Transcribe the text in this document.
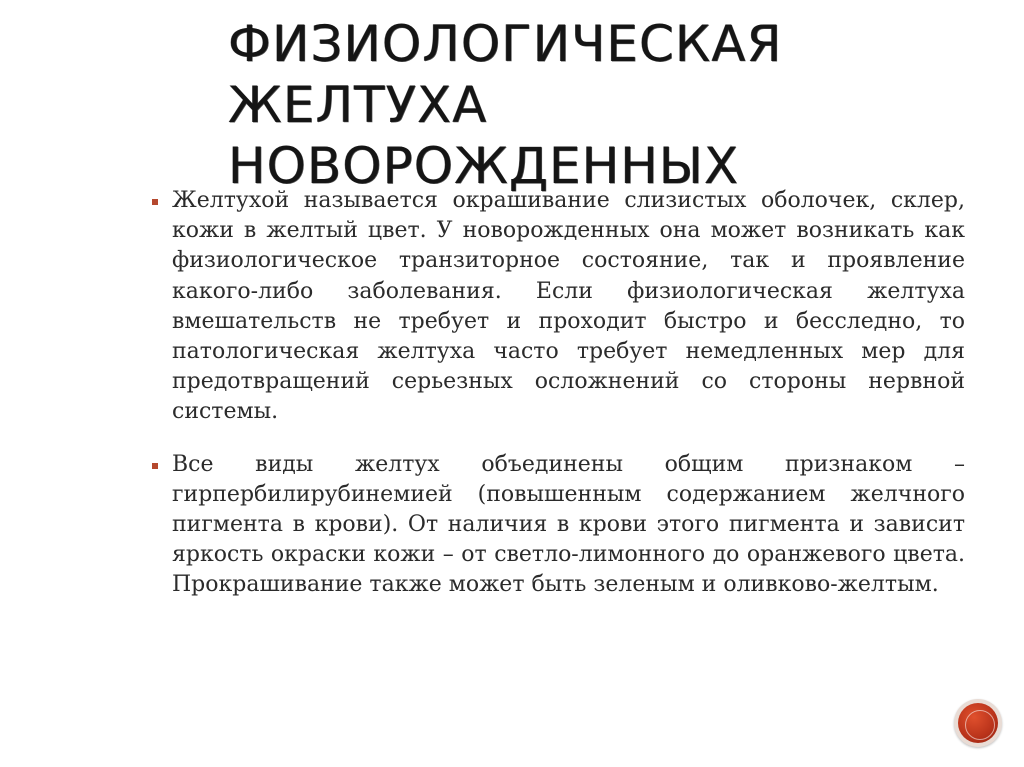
ФИЗИОЛОГИЧЕСКАЯ
ЖЕЛТУХА
НОВОРОЖДЕННЫХ
Желтухой называется окрашивание слизистых оболочек, склер, кожи в желтый цвет. У новорожденных она может возникать как физиологическое транзиторное состояние, так и проявление какого-либо заболевания. Если физиологическая желтуха вмешательств не требует и проходит быстро и бесследно, то патологическая желтуха часто требует немедленных мер для предотвращений серьезных осложнений со стороны нервной системы.
Все виды желтух объединены общим признаком – гирпербилирубинемией (повышенным содержанием желчного пигмента в крови). От наличия в крови этого пигмента и зависит яркость окраски кожи – от светло-лимонного до оранжевого цвета. Прокрашивание также может быть зеленым и оливково-желтым.
